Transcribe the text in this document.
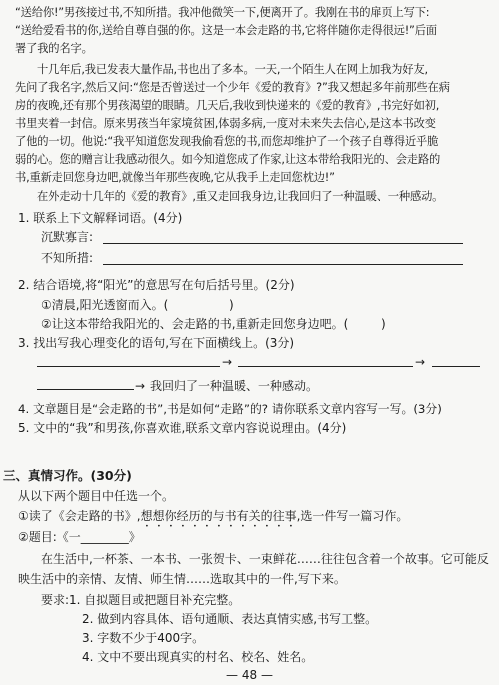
“送给你!”男孩接过书,不知所措。我冲他微笑一下,便离开了。我刚在书的扉页上写下:
“送给爱看书的你,送给自尊自强的你。这是一本会走路的书,它将伴随你走得很远!”后面
署了我的名字。
十几年后,我已发表大量作品,书也出了多本。一天,一个陌生人在网上加我为好友,
先问了我名字,然后又问:“您是否曾送过一个少年《爱的教育》?”我又想起多年前那些在病
房的夜晚,还有那个男孩渴望的眼睛。几天后,我收到快递来的《爱的教育》,书完好如初,
书里夹着一封信。原来男孩当年家境贫困,体弱多病,一度对未来失去信心,是这本书改变
了他的一切。他说:“我平知道您发现我偷看您的书,而您却维护了一个孩子自尊得近乎脆
弱的心。您的赠言让我感动很久。如今知道您成了作家,让这本带给我阳光的、会走路的
书,重新走回您身边吧,就像当年那些夜晚,它从我手上走回您枕边!”
在外走动十几年的《爱的教育》,重又走回我身边,让我回归了一种温暖、一种感动。
1. 联系上下文解释词语。(4分)
沉默寡言:
不知所措:
2. 结合语境,将“阳光”的意思写在句后括号里。(2分)
①清晨,阳光透窗而入。(	)
②让这本带给我阳光的、会走路的书,重新走回您身边吧。(	)
3. 找出写我心理变化的语句,写在下面横线上。(3分)
→	→
→ 我回归了一种温暖、一种感动。
4. 文章题目是“会走路的书”,书是如何“走路”的? 请你联系文章内容写一写。(3分)
5. 文中的“我”和男孩,你喜欢谁,联系文章内容说说理由。(4分)
三、真情习作。(30分)
从以下两个题目中任选一个。
①读了《会走路的书》,想想你经历的与书有关的往事,选一件写一篇习作。
②题目:《一________》
在生活中,一杯茶、一本书、一张贺卡、一束鲜花……往往包含着一个故事。它可能反
映生活中的亲情、友情、师生情……选取其中的一件,写下来。
要求:1. 自拟题目或把题目补充完整。
2. 做到内容具体、语句通顺、表达真情实感,书写工整。
3. 字数不少于400字。
4. 文中不要出现真实的村名、校名、姓名。
— 48 —
